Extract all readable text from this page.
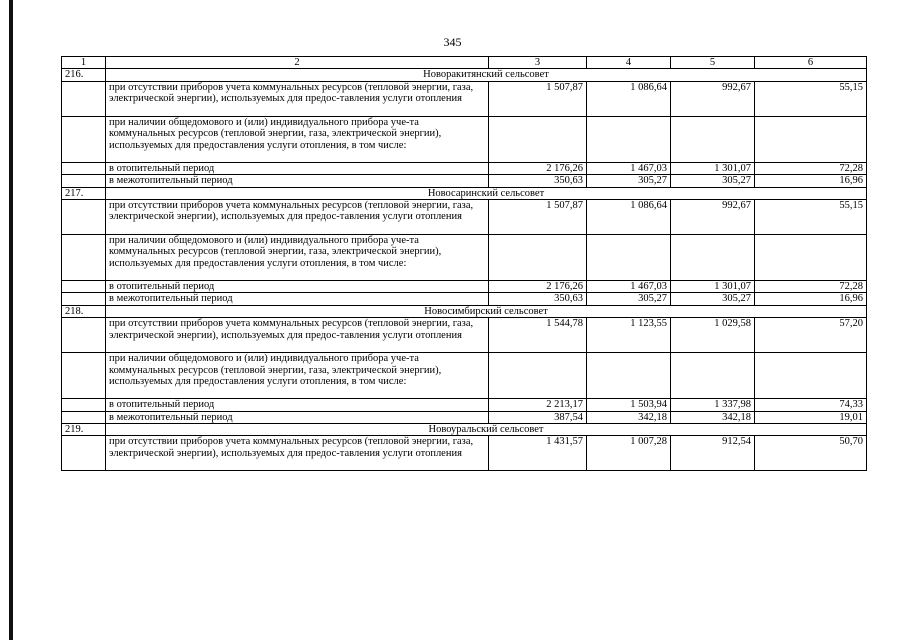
345
1	2	3	4	5	6
216.	Новоракитянский сельсовет				
	при отсутствии приборов учета коммунальных ресурсов (тепловой энергии, газа, электрической энергии), используемых для предос-тавления услуги отопления	1 507,87	1 086,64	992,67	55,15
	при наличии общедомового и (или) индивидуального прибора уче-та коммунальных ресурсов (тепловой энергии, газа, электрической энергии), используемых для предоставления услуги отопления, в том числе:				
	в отопительный период	2 176,26	1 467,03	1 301,07	72,28
	в межотопительный период	350,63	305,27	305,27	16,96
217.	Новосаринский сельсовет				
	при отсутствии приборов учета коммунальных ресурсов (тепловой энергии, газа, электрической энергии), используемых для предос-тавления услуги отопления	1 507,87	1 086,64	992,67	55,15
	при наличии общедомового и (или) индивидуального прибора уче-та коммунальных ресурсов (тепловой энергии, газа, электрической энергии), используемых для предоставления услуги отопления, в том числе:				
	в отопительный период	2 176,26	1 467,03	1 301,07	72,28
	в межотопительный период	350,63	305,27	305,27	16,96
218.	Новосимбирский сельсовет				
	при отсутствии приборов учета коммунальных ресурсов (тепловой энергии, газа, электрической энергии), используемых для предос-тавления услуги отопления	1 544,78	1 123,55	1 029,58	57,20
	при наличии общедомового и (или) индивидуального прибора уче-та коммунальных ресурсов (тепловой энергии, газа, электрической энергии), используемых для предоставления услуги отопления, в том числе:				
	в отопительный период	2 213,17	1 503,94	1 337,98	74,33
	в межотопительный период	387,54	342,18	342,18	19,01
219.	Новоуральский сельсовет				
	при отсутствии приборов учета коммунальных ресурсов (тепловой энергии, газа, электрической энергии), используемых для предос-тавления услуги отопления	1 431,57	1 007,28	912,54	50,70
